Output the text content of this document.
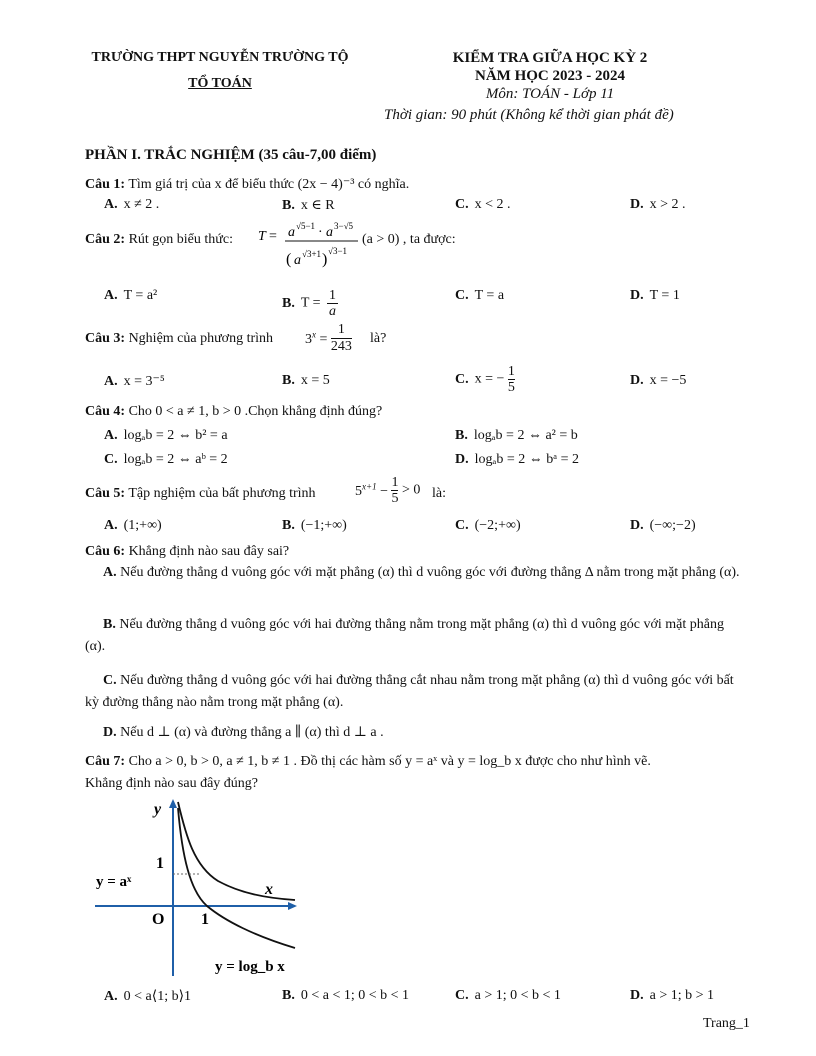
TRƯỜNG THPT NGUYỄN TRƯỜNG TỘ
TỔ TOÁN
KIỂM TRA GIỮA HỌC KỲ 2
NĂM HỌC 2023 - 2024
Môn: TOÁN - Lớp 11
Thời gian: 90 phút (Không kể thời gian phát đề)
PHẦN I. TRẮC NGHIỆM (35 câu-7,00 điểm)
Câu 1: Tìm giá trị của x để biểu thức (2x − 4)⁻³ có nghĩa.
A. x ≠ 2 .	B. x ∈ R	C. x < 2 .	D. x > 2 .
Câu 2: Rút gọn biểu thức: T = a √5−1 · a 3−√5
( a √3+1 ) √3−1
(a > 0) , ta được:
A. T = a²
B. $T = \frac{1}{a}$	C. T = a	D. T = 1
Câu 3: Nghiệm của phương trình $3^x = \frac{1}{243}$ là?
A. x = 3⁻⁵	B. x = 5	C. x = − $\frac{1}{5}$	D. x = −5
Câu 4: Cho 0 < a ≠ 1, b > 0 .Chọn khẳng định đúng?
A. logₐb = 2 ⇔ b² = a	B. logₐb = 2 ⇔ a² = b
C. logₐb = 2 ⇔ aᵇ = 2	D. logₐb = 2 ⇔ bᵃ = 2
Câu 5: Tập nghiệm của bất phương trình	$5^{x+1} - \frac{1}{5} > 0$ là:
A. (1;+∞)	B. (−1;+∞)	C. (−2;+∞)	D. (−∞;−2)
Câu 6: Khẳng định nào sau đây sai?
A. Nếu đường thẳng d vuông góc với mặt phẳng (α) thì d vuông góc với đường thẳng Δ nằm trong mặt phẳng (α).
B. Nếu đường thẳng d vuông góc với hai đường thẳng nằm trong mặt phẳng (α) thì d vuông góc với mặt phẳng (α).
C. Nếu đường thẳng d vuông góc với hai đường thẳng cắt nhau nằm trong mặt phẳng (α) thì d vuông góc với bất kỳ đường thẳng nào nằm trong mặt phẳng (α).
D. Nếu d ⊥ (α) và đường thẳng a ∥ (α) thì d ⊥ a .
Câu 7: Cho a > 0, b > 0, a ≠ 1, b ≠ 1 . Đồ thị các hàm số y = aˣ và y = log_b x được cho như hình vẽ.
Khẳng định nào sau đây đúng?
y
x
O
1
1
y = aˣ
y = log_b x
A. 0 < a⟨1; b⟩1	B. 0 < a < 1; 0 < b < 1	C. a > 1; 0 < b < 1	D. a > 1; b > 1
Trang_1
